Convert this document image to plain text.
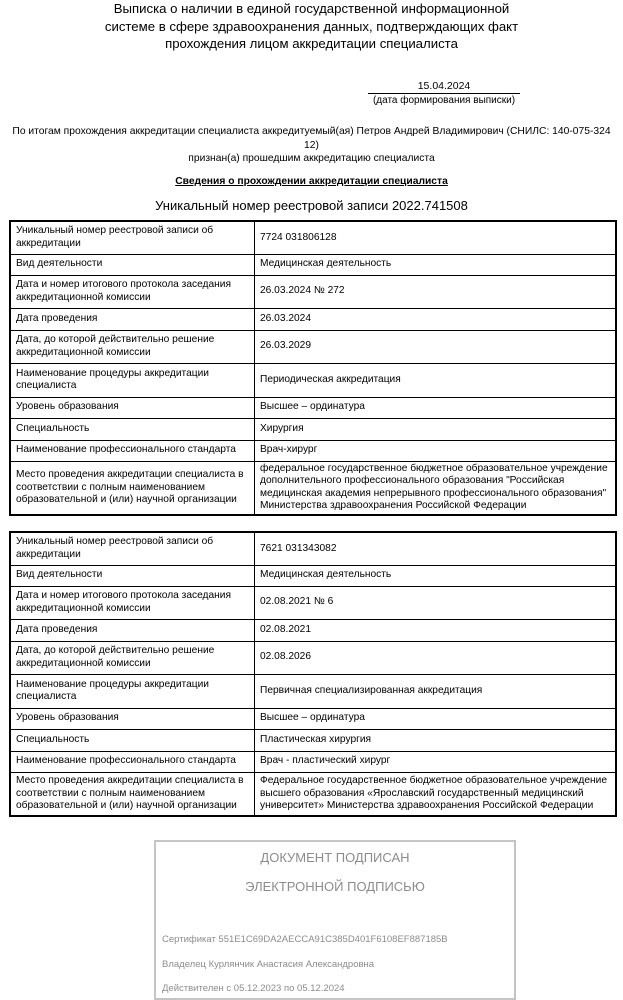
Выписка о наличии в единой государственной информационной
системе в сфере здравоохранения данных, подтверждающих факт
прохождения лицом аккредитации специалиста
15.04.2024
(дата формирования выписки)
По итогам прохождения аккредитации специалиста аккредитуемый(ая) Петров Андрей Владимирович (СНИЛС: 140-075-324 12)
признан(а) прошедшим аккредитацию специалиста
Сведения о прохождении аккредитации специалиста
Уникальный номер реестровой записи 2022.741508
Уникальный номер реестровой записи об аккредитации	7724 031806128
Вид деятельности	Медицинская деятельность
Дата и номер итогового протокола заседания аккредитационной комиссии	26.03.2024 № 272
Дата проведения	26.03.2024
Дата, до которой действительно решение аккредитационной комиссии	26.03.2029
Наименование процедуры аккредитации специалиста	Периодическая аккредитация
Уровень образования	Высшее – ординатура
Специальность	Хирургия
Наименование профессионального стандарта	Врач-хирург
Место проведения аккредитации специалиста в соответствии с полным наименованием образовательной и (или) научной организации	федеральное государственное бюджетное образовательное учреждение дополнительного профессионального образования "Российская медицинская академия непрерывного профессионального образования" Министерства здравоохранения Российской Федерации
Уникальный номер реестровой записи об аккредитации	7621 031343082
Вид деятельности	Медицинская деятельность
Дата и номер итогового протокола заседания аккредитационной комиссии	02.08.2021 № 6
Дата проведения	02.08.2021
Дата, до которой действительно решение аккредитационной комиссии	02.08.2026
Наименование процедуры аккредитации специалиста	Первичная специализированная аккредитация
Уровень образования	Высшее – ординатура
Специальность	Пластическая хирургия
Наименование профессионального стандарта	Врач - пластический хирург
Место проведения аккредитации специалиста в соответствии с полным наименованием образовательной и (или) научной организации	Федеральное государственное бюджетное образовательное учреждение высшего образования «Ярославский государственный медицинский университет» Министерства здравоохранения Российской Федерации
ДОКУМЕНТ ПОДПИСАН
ЭЛЕКТРОННОЙ ПОДПИСЬЮ
Сертификат 551E1C69DA2AECCA91C385D401F6108EF887185B
Владелец Курлянчик Анастасия Александровна
Действителен с 05.12.2023 по 05.12.2024
